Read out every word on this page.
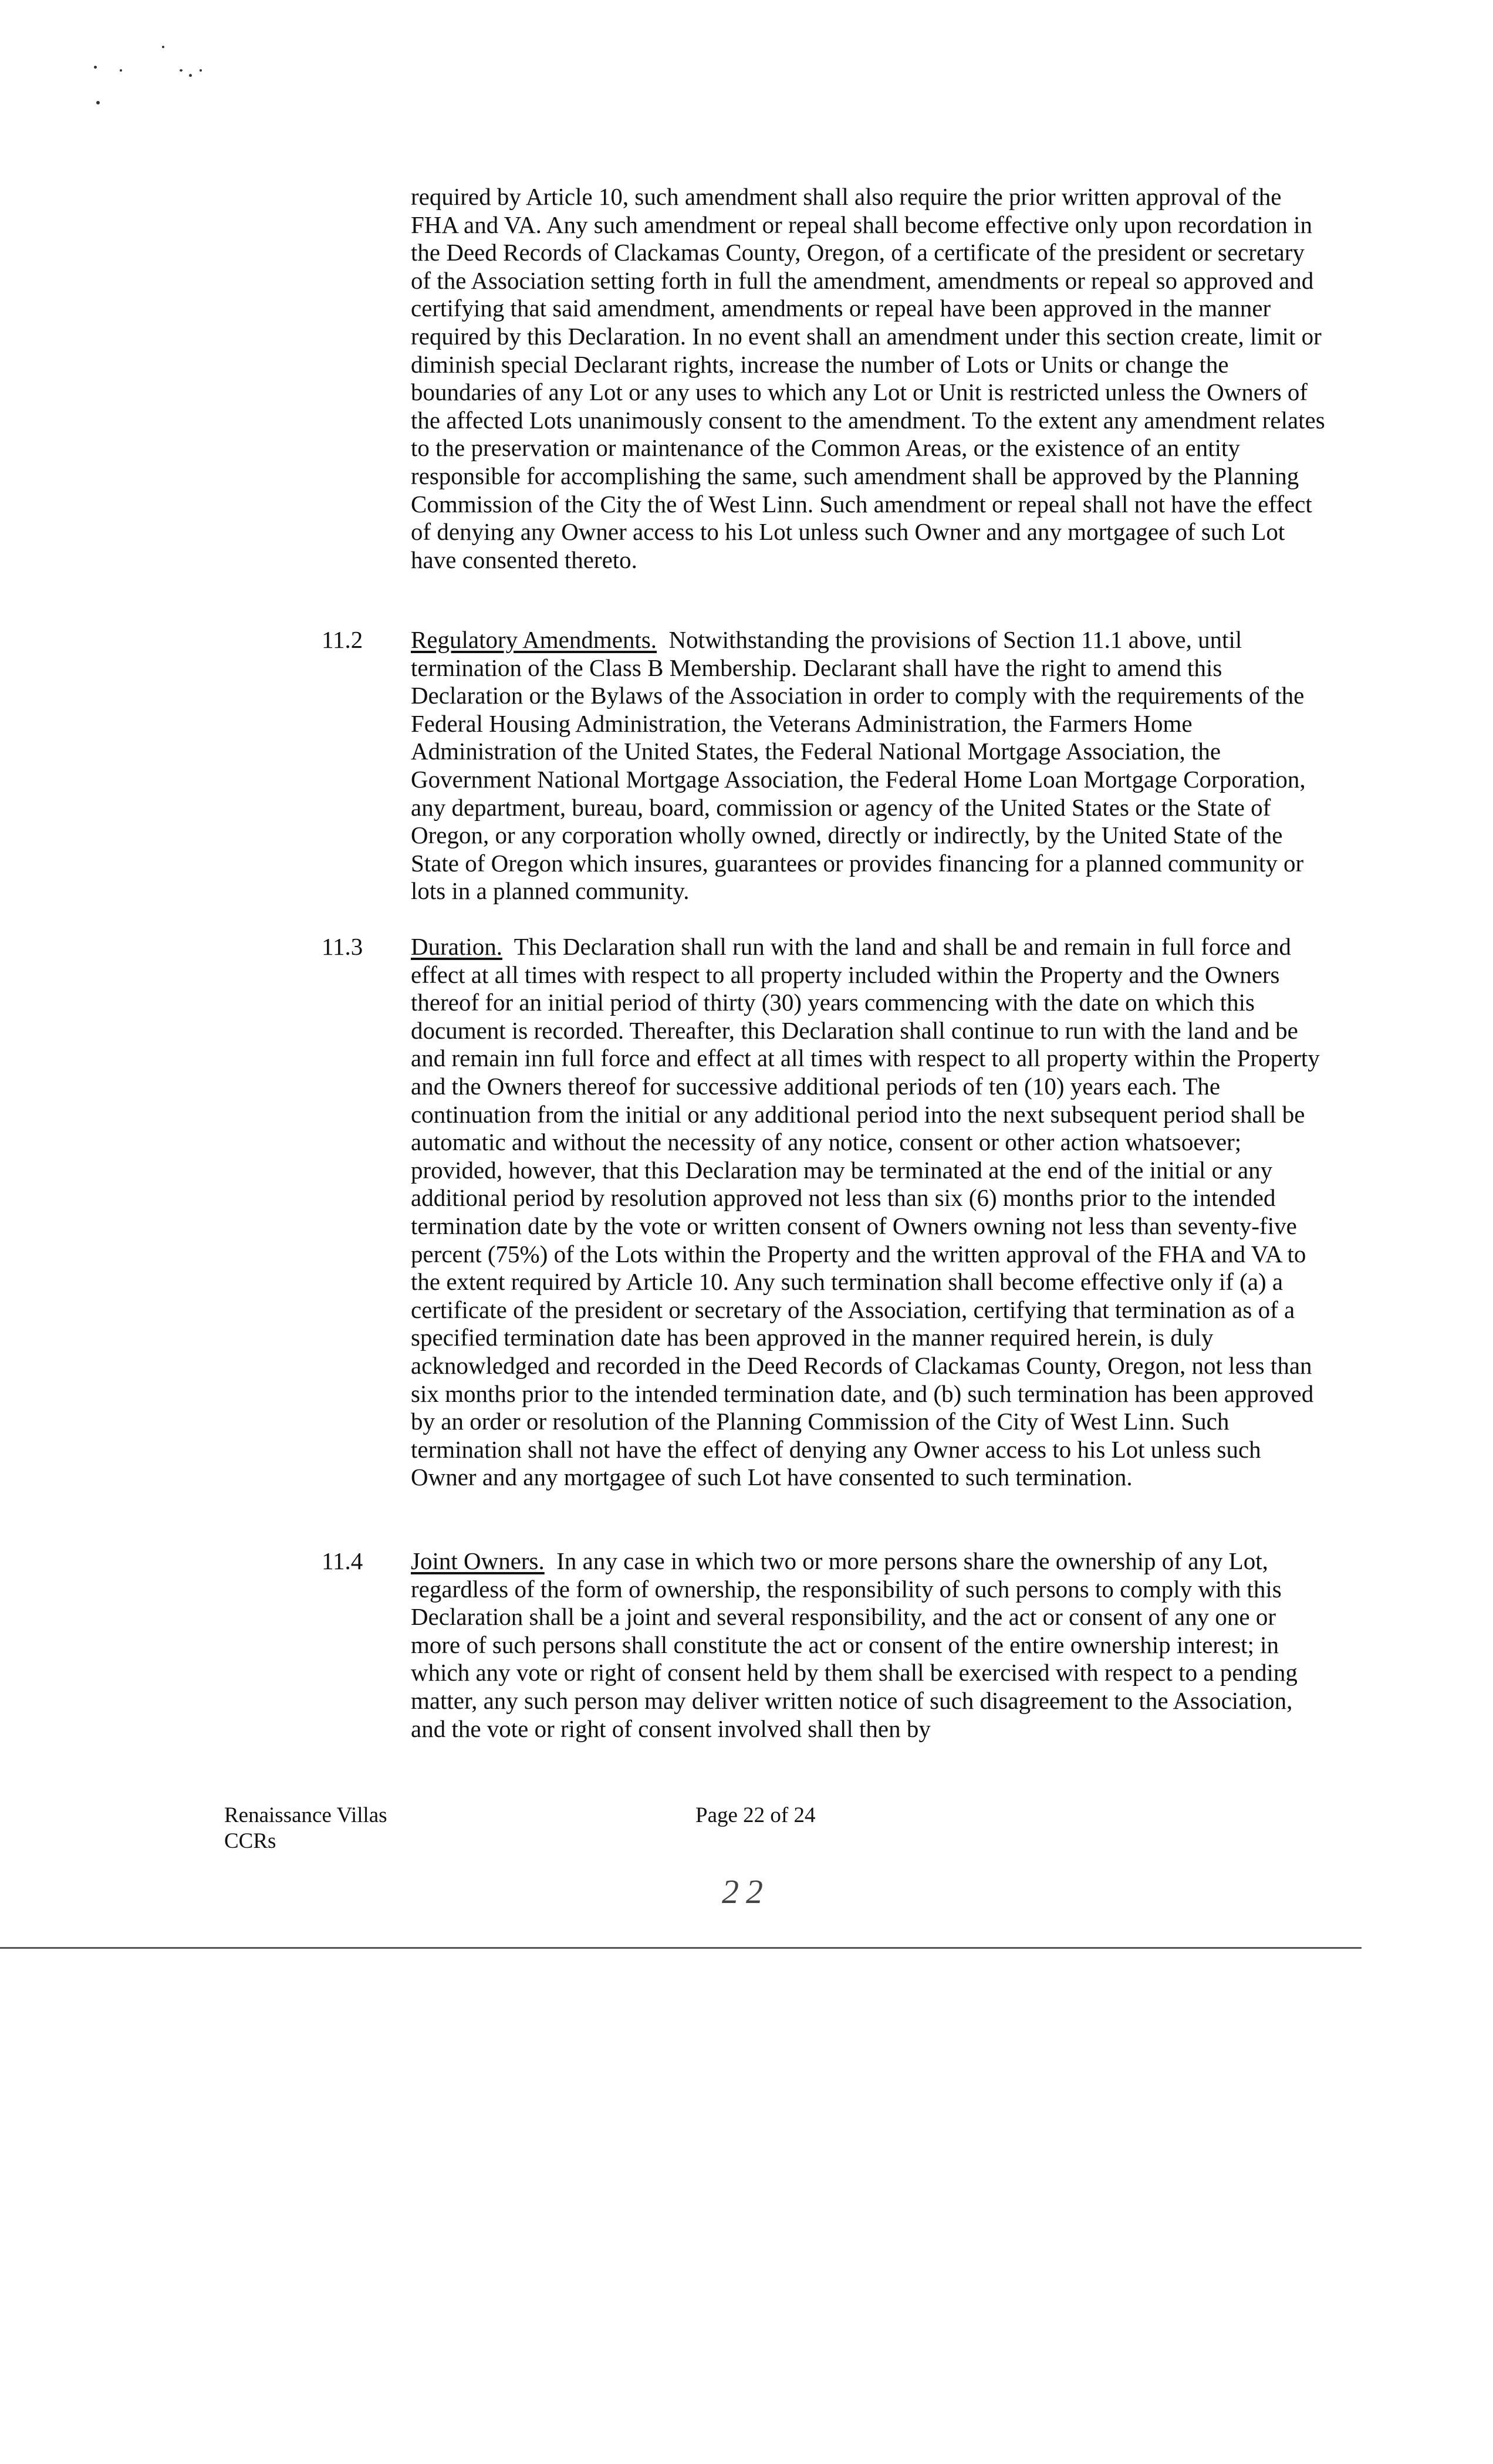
required by Article 10, such amendment shall also require the prior written approval of the FHA and VA. Any such amendment or repeal shall become effective only upon recordation in the Deed Records of Clackamas County, Oregon, of a certificate of the president or secretary of the Association setting forth in full the amendment, amendments or repeal so approved and certifying that said amendment, amendments or repeal have been approved in the manner required by this Declaration. In no event shall an amendment under this section create, limit or diminish special Declarant rights, increase the number of Lots or Units or change the boundaries of any Lot or any uses to which any Lot or Unit is restricted unless the Owners of the affected Lots unanimously consent to the amendment. To the extent any amendment relates to the preservation or maintenance of the Common Areas, or the existence of an entity responsible for accomplishing the same, such amendment shall be approved by the Planning Commission of the City the of West Linn. Such amendment or repeal shall not have the effect of denying any Owner access to his Lot unless such Owner and any mortgagee of such Lot have consented thereto.

11.2 Regulatory Amendments. Notwithstanding the provisions of Section 11.1 above, until termination of the Class B Membership. Declarant shall have the right to amend this Declaration or the Bylaws of the Association in order to comply with the requirements of the Federal Housing Administration, the Veterans Administration, the Farmers Home Administration of the United States, the Federal National Mortgage Association, the Government National Mortgage Association, the Federal Home Loan Mortgage Corporation, any department, bureau, board, commission or agency of the United States or the State of Oregon, or any corporation wholly owned, directly or indirectly, by the United State of the State of Oregon which insures, guarantees or provides financing for a planned community or lots in a planned community.

11.3 Duration. This Declaration shall run with the land and shall be and remain in full force and effect at all times with respect to all property included within the Property and the Owners thereof for an initial period of thirty (30) years commencing with the date on which this document is recorded. Thereafter, this Declaration shall continue to run with the land and be and remain inn full force and effect at all times with respect to all property within the Property and the Owners thereof for successive additional periods of ten (10) years each. The continuation from the initial or any additional period into the next subsequent period shall be automatic and without the necessity of any notice, consent or other action whatsoever; provided, however, that this Declaration may be terminated at the end of the initial or any additional period by resolution approved not less than six (6) months prior to the intended termination date by the vote or written consent of Owners owning not less than seventy-five percent (75%) of the Lots within the Property and the written approval of the FHA and VA to the extent required by Article 10. Any such termination shall become effective only if (a) a certificate of the president or secretary of the Association, certifying that termination as of a specified termination date has been approved in the manner required herein, is duly acknowledged and recorded in the Deed Records of Clackamas County, Oregon, not less than six months prior to the intended termination date, and (b) such termination has been approved by an order or resolution of the Planning Commission of the City of West Linn. Such termination shall not have the effect of denying any Owner access to his Lot unless such Owner and any mortgagee of such Lot have consented to such termination.

11.4 Joint Owners. In any case in which two or more persons share the ownership of any Lot, regardless of the form of ownership, the responsibility of such persons to comply with this Declaration shall be a joint and several responsibility, and the act or consent of any one or more of such persons shall constitute the act or consent of the entire ownership interest; in which any vote or right of consent held by them shall be exercised with respect to a pending matter, any such person may deliver written notice of such disagreement to the Association, and the vote or right of consent involved shall then by

Renaissance Villas
CCRs
Page 22 of 24
22
